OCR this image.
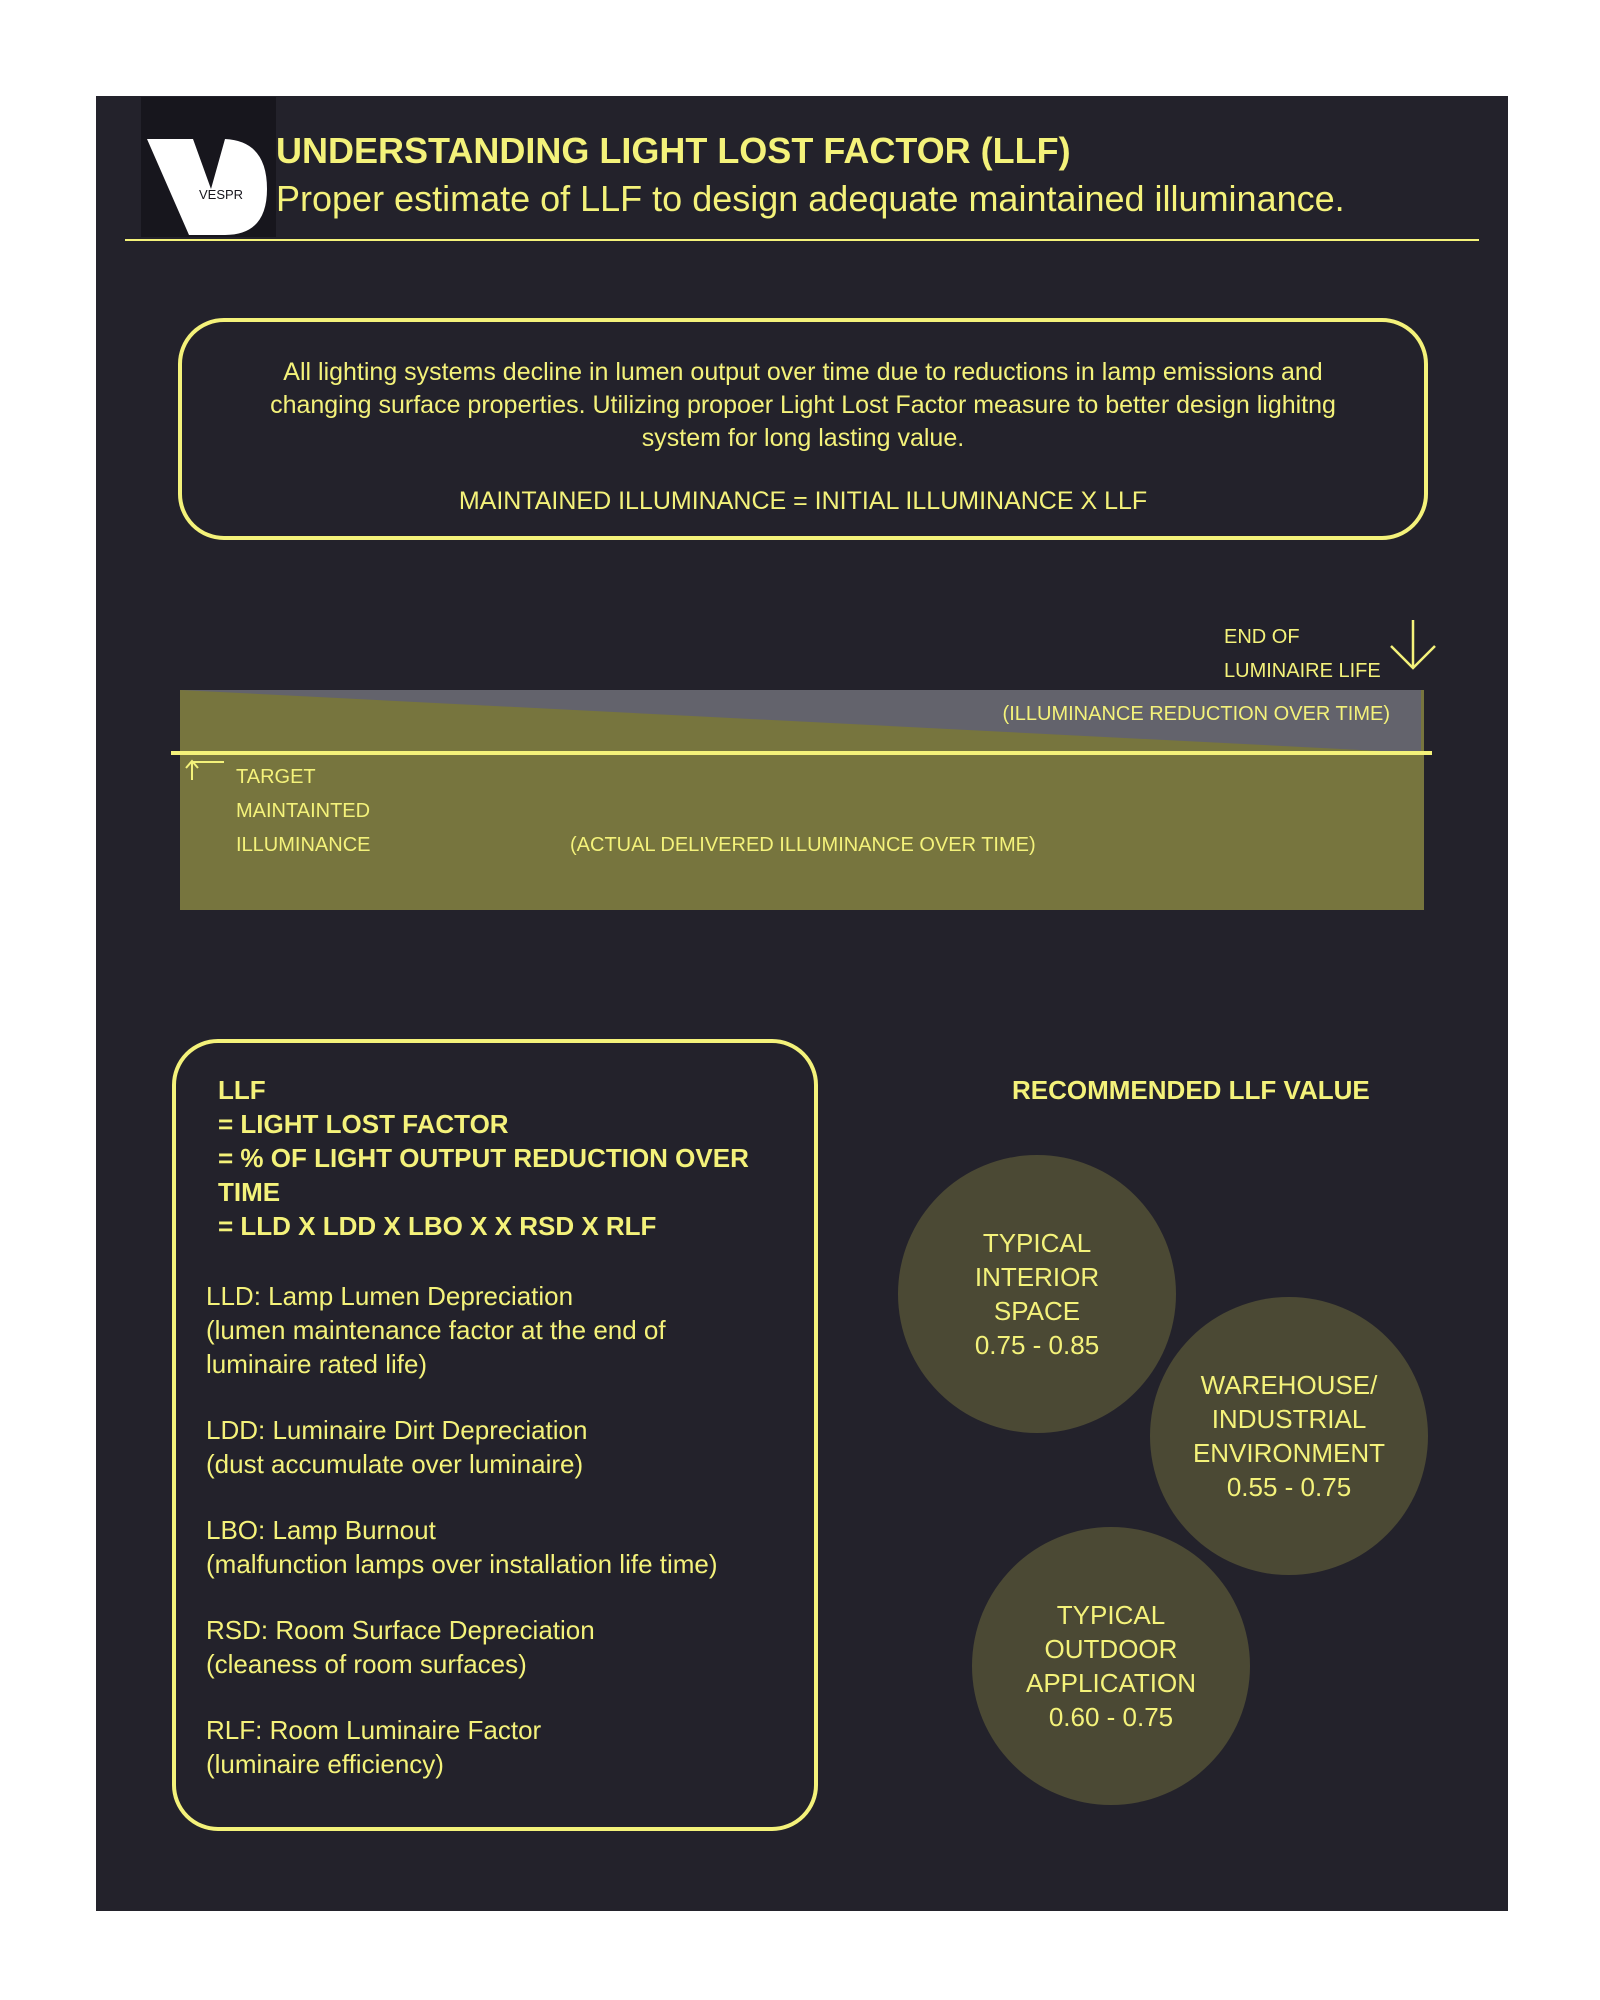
VESPR
UNDERSTANDING LIGHT LOST FACTOR (LLF)
Proper estimate of LLF to design adequate maintained illuminance.
All lighting systems decline in lumen output over time due to reductions in lamp emissions and
changing surface properties. Utilizing propoer Light Lost Factor measure to better design lighitng
system for long lasting value.
MAINTAINED ILLUMINANCE = INITIAL ILLUMINANCE X LLF
END OF
LUMINAIRE LIFE
(ILLUMINANCE REDUCTION OVER TIME)
TARGET
MAINTAINTED
ILLUMINANCE	(ACTUAL DELIVERED ILLUMINANCE OVER TIME)
LLF
= LIGHT LOST FACTOR
= % OF LIGHT OUTPUT REDUCTION OVER TIME
= LLD X LDD X LBO X X RSD X RLF
LLD: Lamp Lumen Depreciation
(lumen maintenance factor at the end of
luminaire rated life)
LDD: Luminaire Dirt Depreciation
(dust accumulate over luminaire)
LBO: Lamp Burnout
(malfunction lamps over installation life time)
RSD: Room Surface Depreciation
(cleaness of room surfaces)
RLF: Room Luminaire Factor
(luminaire efficiency)
RECOMMENDED LLF VALUE
TYPICAL
INTERIOR
SPACE
0.75 - 0.85
WAREHOUSE/
INDUSTRIAL
ENVIRONMENT
0.55 - 0.75
TYPICAL
OUTDOOR
APPLICATION
0.60 - 0.75
